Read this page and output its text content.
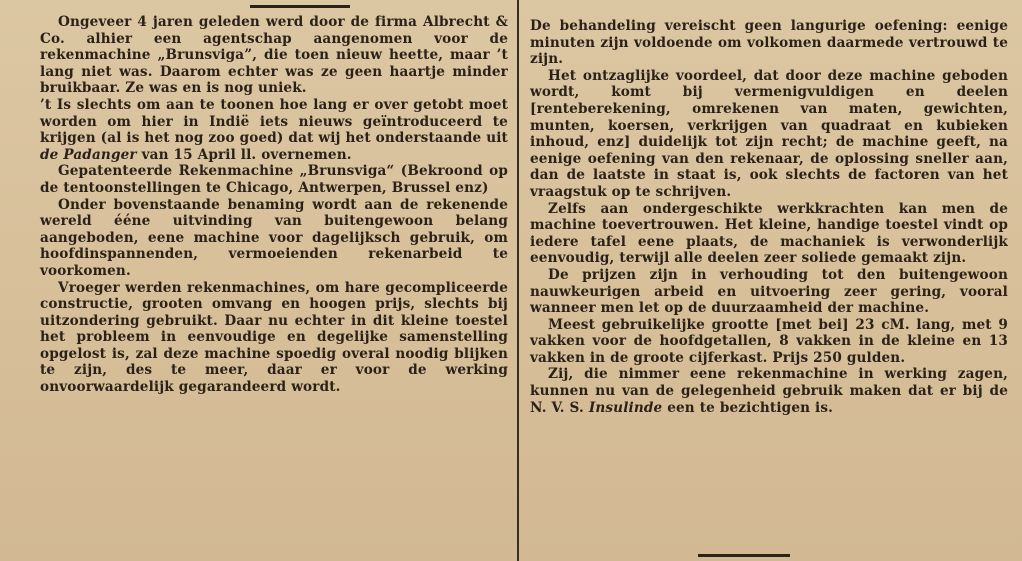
Ongeveer 4 jaren geleden werd door de firma Albrecht & Co. alhier een agentschap aangenomen voor de rekenmachine „Brunsviga”, die toen nieuw heette, maar ’t lang niet was. Daarom echter was ze geen haartje minder bruikbaar. Ze was en is nog uniek.

’t Is slechts om aan te toonen hoe lang er over getobt moet worden om hier in Indië iets nieuws geïntroduceerd te krijgen (al is het nog zoo goed) dat wij het onderstaande uit de Padanger van 15 April ll. overnemen.

Gepatenteerde Rekenmachine „Brunsviga“ (Bekroond op de tentoonstellingen te Chicago, Antwerpen, Brussel enz)

Onder bovenstaande benaming wordt aan de rekenende wereld ééne uitvinding van buitengewoon belang aangeboden, eene machine voor dagelijksch gebruik, om hoofdinspannenden, vermoeienden rekenarbeid te voorkomen.

Vroeger werden rekenmachines, om hare gecompliceerde constructie, grooten omvang en hoogen prijs, slechts bij uitzondering gebruikt. Daar nu echter in dit kleine toestel het probleem in eenvoudige en degelijke samenstelling opgelost is, zal deze machine spoedig overal noodig blijken te zijn, des te meer, daar er voor de werking onvoorwaardelijk gegarandeerd wordt.

De behandeling vereischt geen langurige oefening: eenige minuten zijn voldoende om volkomen daarmede vertrouwd te zijn.

Het ontzaglijke voordeel, dat door deze machine geboden wordt, komt bij vermenigvuldigen en deelen [renteberekening, omrekenen van maten, gewichten, munten, koersen, verkrijgen van quadraat en kubieken inhoud, enz] duidelijk tot zijn recht; de machine geeft, na eenige oefening van den rekenaar, de oplossing sneller aan, dan de laatste in staat is, ook slechts de factoren van het vraagstuk op te schrijven.

Zelfs aan ondergeschikte werkkrachten kan men de machine toevertrouwen. Het kleine, handige toestel vindt op iedere tafel eene plaats, de machaniek is verwonderlijk eenvoudig, terwijl alle deelen zeer soliede gemaakt zijn.

De prijzen zijn in verhouding tot den buitengewoon nauwkeurigen arbeid en uitvoering zeer gering, vooral wanneer men let op de duurzaamheid der machine.

Meest gebruikelijke grootte [met bei] 23 cM. lang, met 9 vakken voor de hoofdgetallen, 8 vakken in de kleine en 13 vakken in de groote cijferkast. Prijs 250 gulden.

Zij, die nimmer eene rekenmachine in werking zagen, kunnen nu van de gelegenheid gebruik maken dat er bij de N. V. S. Insulinde een te bezichtigen is.
